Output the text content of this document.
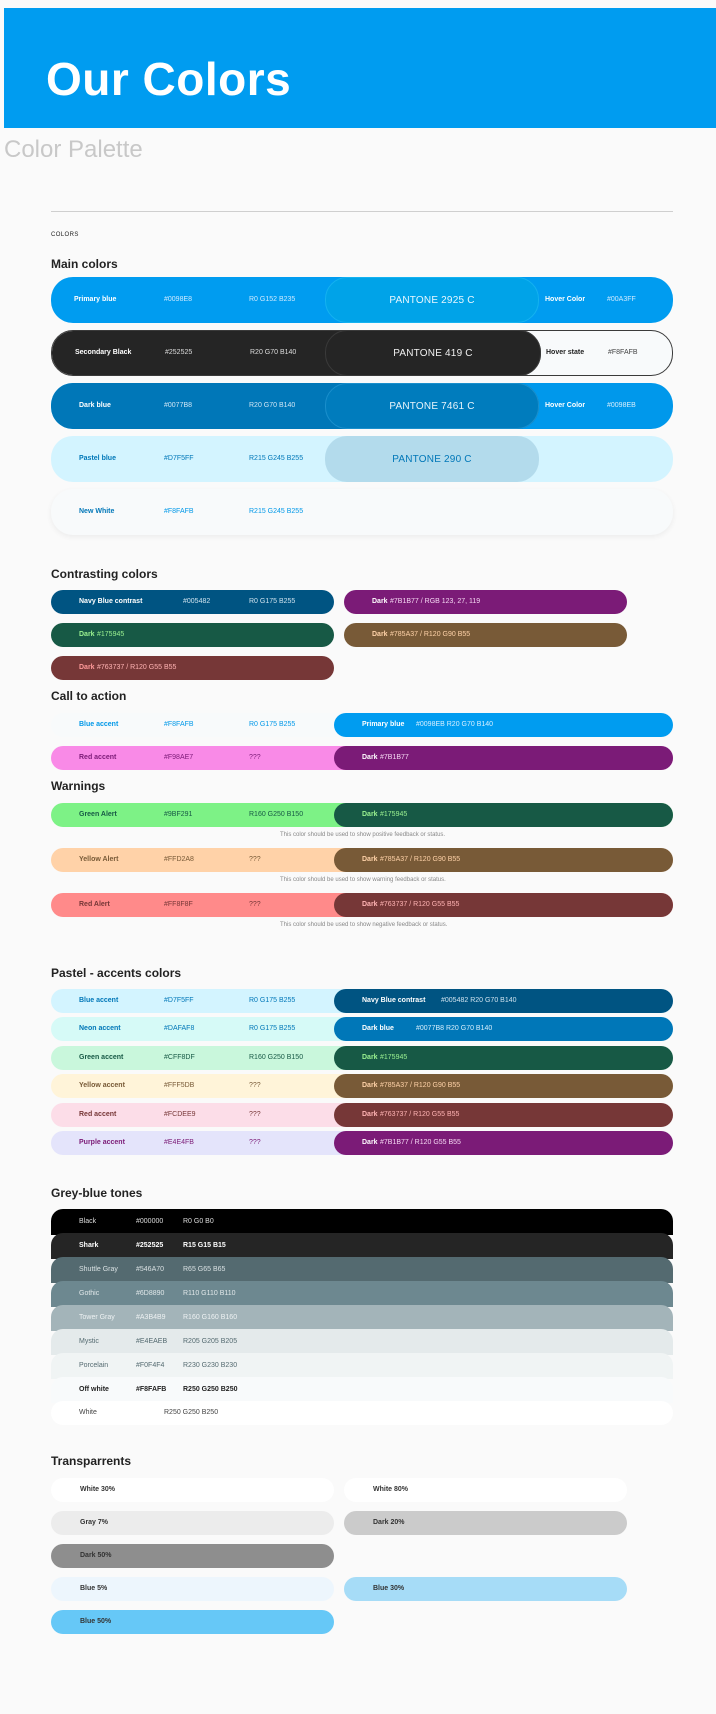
Our Colors
Color Palette
COLORS
Main colors
Primary blue	#0098E8	R0 G152 B235	PANTONE 2925 C	Hover Color	#00A3FF
Secondary Black	#252525	R20 G70 B140	PANTONE 419 C	Hover state	#F8FAFB
Dark blue	#0077B8	R20 G70 B140	PANTONE 7461 C	Hover Color	#0098EB
Pastel blue	#D7F5FF	R215 G245 B255	PANTONE 290 C
New White	#F8FAFB	R215 G245 B255
Contrasting colors
Navy Blue contrast	#005482	R0 G175 B255	Dark #7B1B77 / RGB 123, 27, 119
Dark #175945	Dark #785A37 / R120 G90 B55
Dark #763737 / R120 G55 B55
Call to action
Blue accent	#F8FAFB	R0 G175 B255	Primary blue #0098EB R20 G70 B140
Red accent	#F98AE7	???	Dark #7B1B77
Warnings
Green Alert	#9BF291	R160 G250 B150	Dark #175945
This color should be used to show positive feedback or status.
Yellow Alert	#FFD2A8	???	Dark #785A37 / R120 G90 B55
This color should be used to show warning feedback or status.
Red Alert	#FF8F8F	???	Dark #763737 / R120 G55 B55
This color should be used to show negative feedback or status.
Pastel - accents colors
Blue accent	#D7F5FF	R0 G175 B255	Navy Blue contrast #005482 R20 G70 B140
Neon accent	#DAFAF8	R0 G175 B255	Dark blue	#0077B8 R20 G70 B140
Green accent	#CFF8DF	R160 G250 B150	Dark #175945
Yellow accent	#FFF5DB	???	Dark #785A37 / R120 G90 B55
Red accent	#FCDEE9	???	Dark #763737 / R120 G55 B55
Purple accent	#E4E4FB	???	Dark #7B1B77 / R120 G55 B55
Grey-blue tones
Black	#000000	R0 G0 B0
Shark	#252525	R15 G15 B15
Shuttle Gray	#546A70	R65 G65 B65
Gothic	#6D8890	R110 G110 B110
Tower Gray	#A3B4B9 R160 G160 B160
Mystic	#E4EAEB R205 G205 B205
Porcelain	#F0F4F4	R230 G230 B230
Off white	#F8FAFB R250 G250 B250
White	R250 G250 B250
Transparrents
White 30%	White 80%
Gray 7%	Dark 20%
Dark 50%
Blue 5%	Blue 30%
Blue 50%
